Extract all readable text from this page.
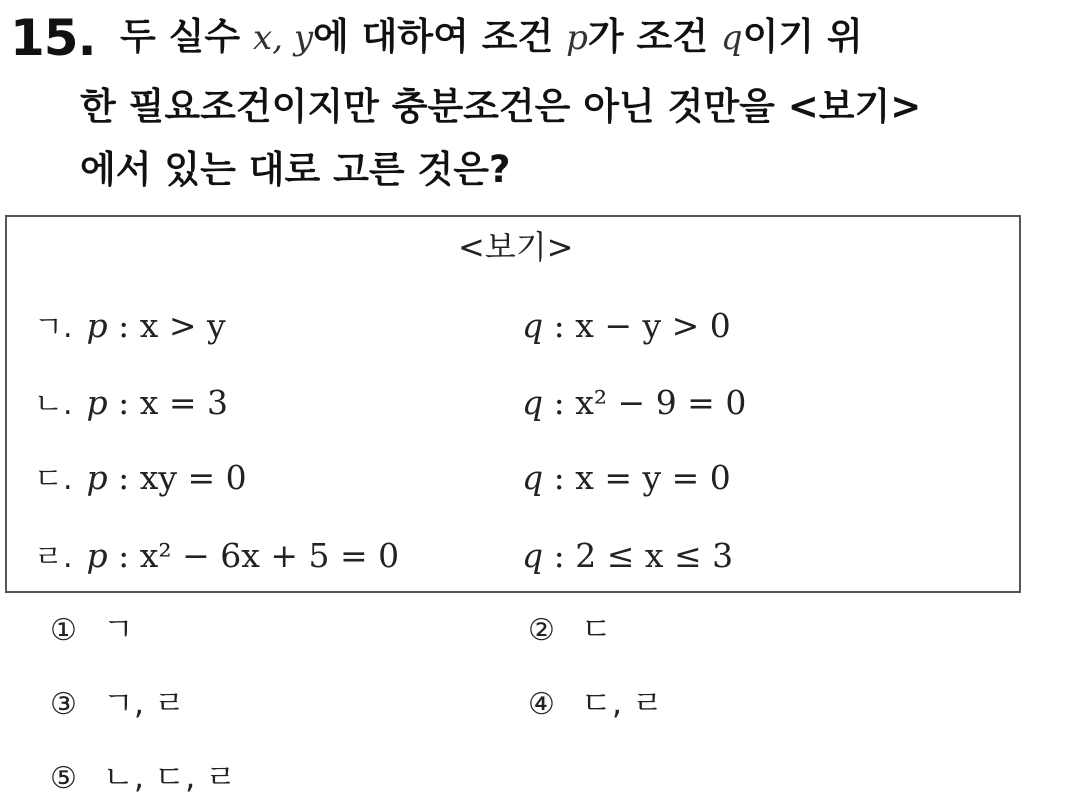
15. 두 실수 x, y에 대하여 조건 p가 조건 q이기 위
한 필요조건이지만 충분조건은 아닌 것만을 <보기>
에서 있는 대로 고른 것은?
<보기>
ㄱ. p : x > y	q : x − y > 0
ㄴ. p : x = 3	q : x² − 9 = 0
ㄷ. p : xy = 0	q : x = y = 0
ㄹ. p : x² − 6x + 5 = 0	q : 2 ≤ x ≤ 3
① ㄱ	② ㄷ
③ ㄱ, ㄹ	④ ㄷ, ㄹ
⑤ ㄴ, ㄷ, ㄹ
